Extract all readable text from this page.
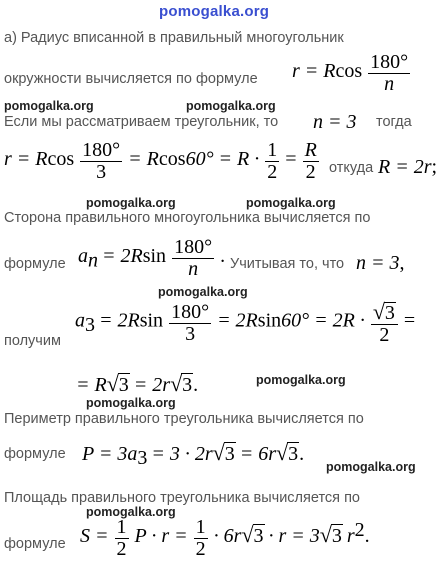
pomogalka.org
а) Радиус вписанной в правильный многоугольник
окружности вычисляется по формуле r = Rcos $\frac{180^\circ}{n}$
pomogalka.org	pomogalka.org
Если мы рассматриваем треугольник, то n = 3 тогда
r = Rcos $\frac{180^\circ}{3} = Rcos60^\circ = R \cdot \frac{1}{2} = \frac{R}{2}$ откуда R = 2r;
pomogalka.org	pomogalka.org
Сторона правильного многоугольника вычисляется по
формуле $a_n = 2Rsin \frac{180^\circ}{n}$ . Учитывая то, что n = 3,
pomogalka.org
получим
$a_3 = 2Rsin \frac{180^\circ}{3} = 2Rsin60^\circ = 2R \cdot \frac{√3}{2}$ =
= R√3 = 2r√3.	pomogalka.org
pomogalka.org
Периметр правильного треугольника вычисляется по
формуле $P = 3a_3 = 3 \cdot 2r√3 = 6r√3$.
pomogalka.org
Площадь правильного треугольника вычисляется по
pomogalka.org
формуле $S = \frac{1}{2}$ $P \cdot r = \frac{1}{2} \cdot 6r√3 \cdot r = 3√3$ $r^2$.
